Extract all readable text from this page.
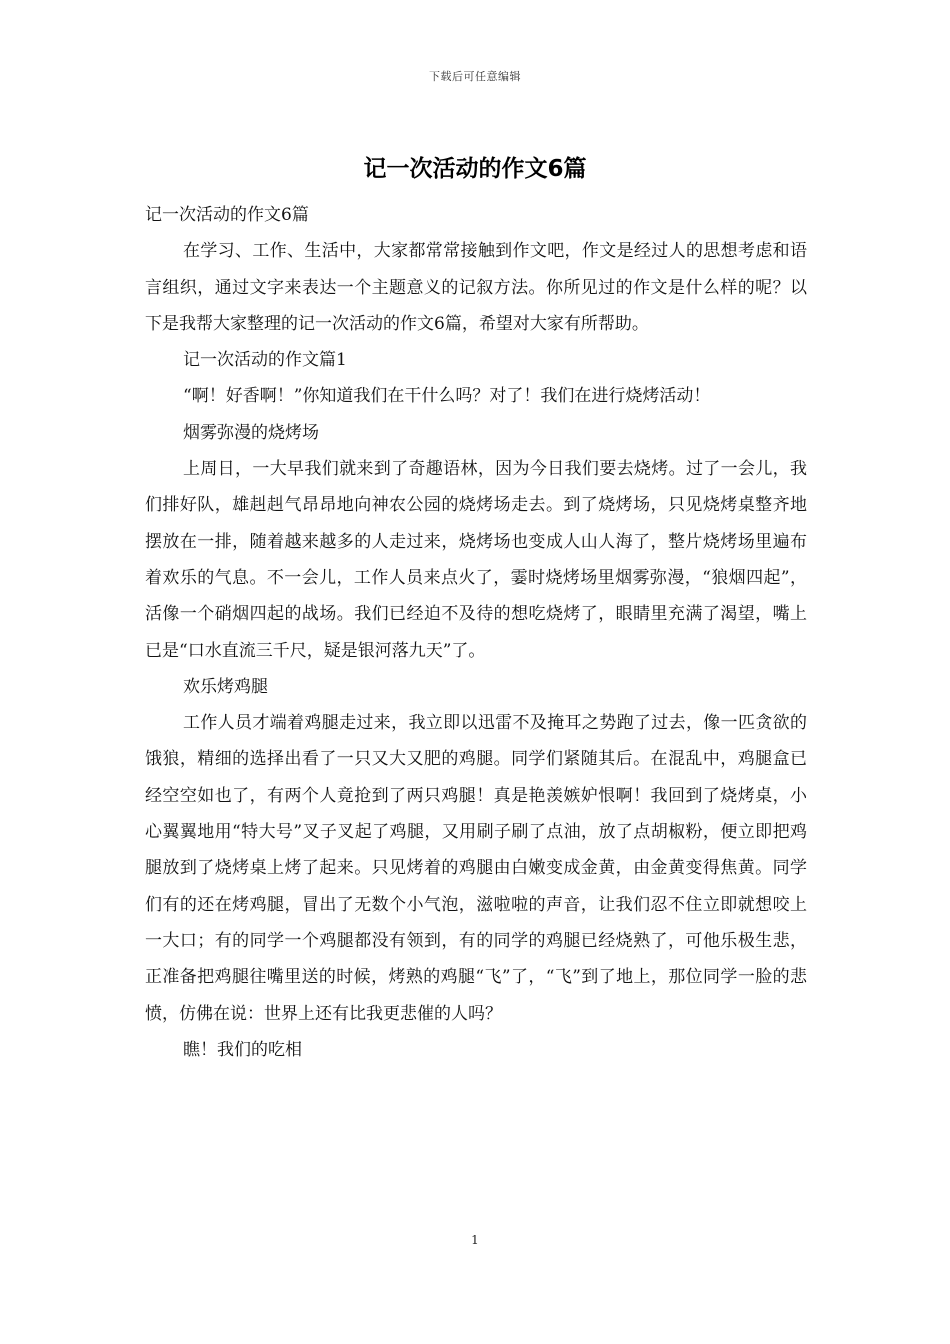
下载后可任意编辑
记一次活动的作文6篇

记一次活动的作文6篇

在学习、工作、生活中，大家都常常接触到作文吧，作文是经过人的思想考虑和语言组织，通过文字来表达一个主题意义的记叙方法。你所见过的作文是什么样的呢？以下是我帮大家整理的记一次活动的作文6篇，希望对大家有所帮助。

记一次活动的作文篇1

“啊！好香啊！”你知道我们在干什么吗？对了！我们在进行烧烤活动！

烟雾弥漫的烧烤场

上周日，一大早我们就来到了奇趣语林，因为今日我们要去烧烤。过了一会儿，我们排好队，雄赳赳气昂昂地向神农公园的烧烤场走去。到了烧烤场，只见烧烤桌整齐地摆放在一排，随着越来越多的人走过来，烧烤场也变成人山人海了，整片烧烤场里遍布着欢乐的气息。不一会儿，工作人员来点火了，霎时烧烤场里烟雾弥漫，“狼烟四起”，活像一个硝烟四起的战场。我们已经迫不及待的想吃烧烤了，眼睛里充满了渴望，嘴上已是“口水直流三千尺，疑是银河落九天”了。

欢乐烤鸡腿

工作人员才端着鸡腿走过来，我立即以迅雷不及掩耳之势跑了过去，像一匹贪欲的饿狼，精细的选择出看了一只又大又肥的鸡腿。同学们紧随其后。在混乱中，鸡腿盒已经空空如也了，有两个人竟抢到了两只鸡腿！真是艳羡嫉妒恨啊！我回到了烧烤桌，小心翼翼地用“特大号”叉子叉起了鸡腿，又用刷子刷了点油，放了点胡椒粉，便立即把鸡腿放到了烧烤桌上烤了起来。只见烤着的鸡腿由白嫩变成金黄，由金黄变得焦黄。同学们有的还在烤鸡腿，冒出了无数个小气泡，滋啦啦的声音，让我们忍不住立即就想咬上一大口；有的同学一个鸡腿都没有领到，有的同学的鸡腿已经烧熟了，可他乐极生悲，正准备把鸡腿往嘴里送的时候，烤熟的鸡腿“飞”了，“飞”到了地上，那位同学一脸的悲愤，仿佛在说：世界上还有比我更悲催的人吗？

瞧！我们的吃相

1
